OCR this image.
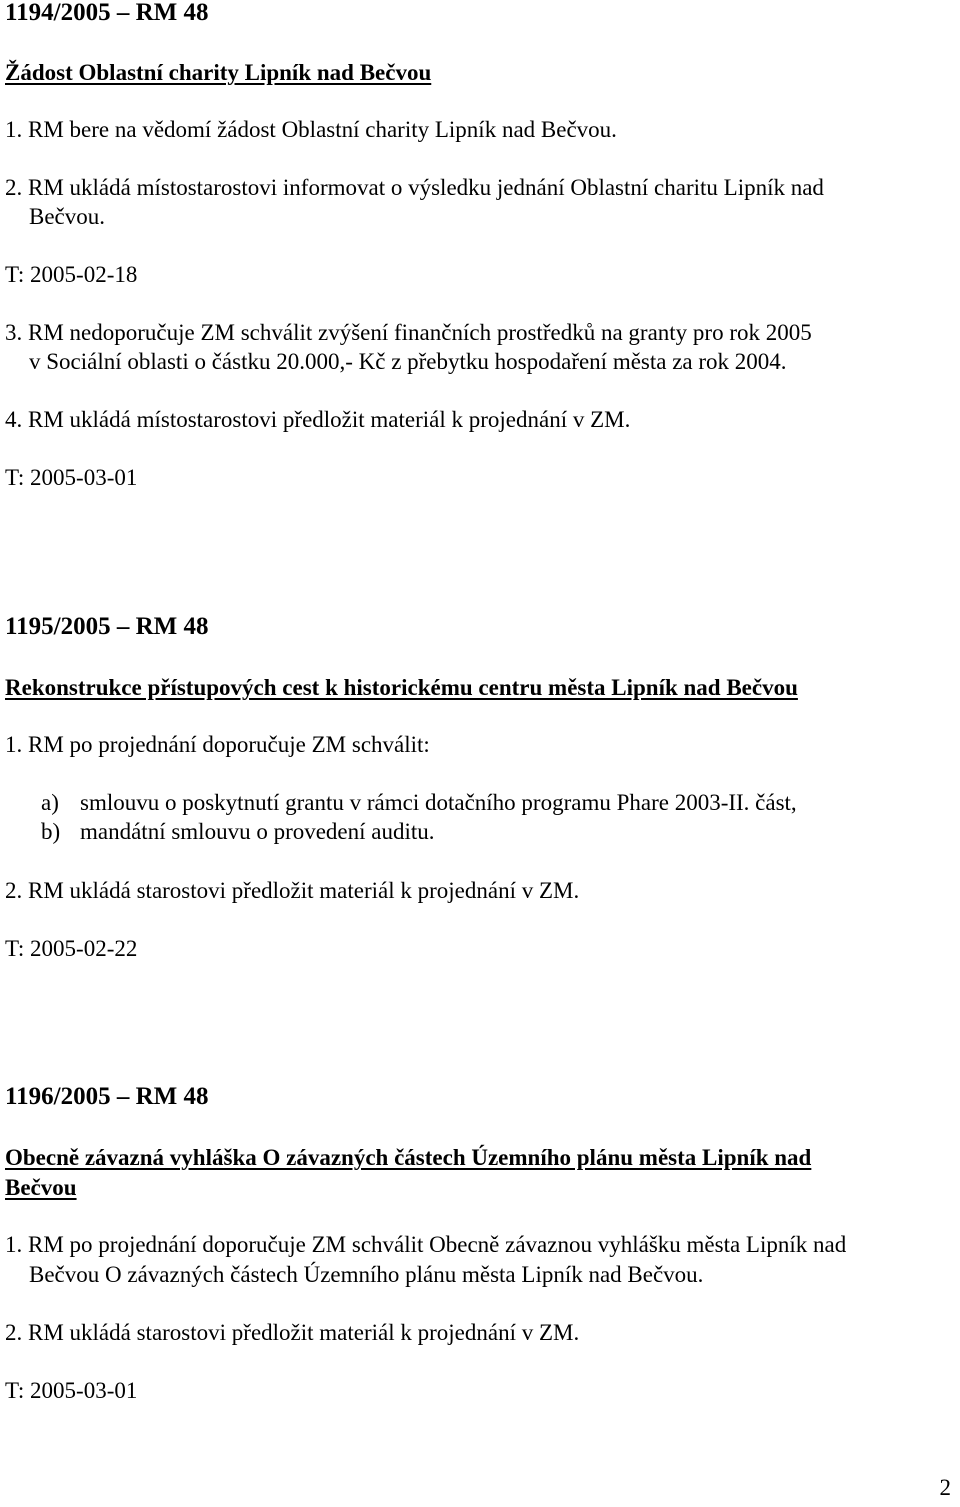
1194/2005 – RM 48
Žádost Oblastní charity Lipník nad Bečvou
1. RM bere na vědomí žádost Oblastní charity Lipník nad Bečvou.
2. RM ukládá místostarostovi informovat o výsledku jednání Oblastní charitu Lipník nad
Bečvou.
T: 2005-02-18
3. RM nedoporučuje ZM schválit zvýšení finančních prostředků na granty pro rok 2005
v Sociální oblasti o částku 20.000,- Kč z přebytku hospodaření města za rok 2004.
4. RM ukládá místostarostovi předložit materiál k projednání v ZM.
T: 2005-03-01
1195/2005 – RM 48
Rekonstrukce přístupových cest k historickému centru města Lipník nad Bečvou
1. RM po projednání doporučuje ZM schválit:
a) smlouvu o poskytnutí grantu v rámci dotačního programu Phare 2003-II. část,
b) mandátní smlouvu o provedení auditu.
2. RM ukládá starostovi předložit materiál k projednání v ZM.
T: 2005-02-22
1196/2005 – RM 48
Obecně závazná vyhláška O závazných částech Územního plánu města Lipník nad
Bečvou
1. RM po projednání doporučuje ZM schválit Obecně závaznou vyhlášku města Lipník nad
Bečvou O závazných částech Územního plánu města Lipník nad Bečvou.
2. RM ukládá starostovi předložit materiál k projednání v ZM.
T: 2005-03-01
2
